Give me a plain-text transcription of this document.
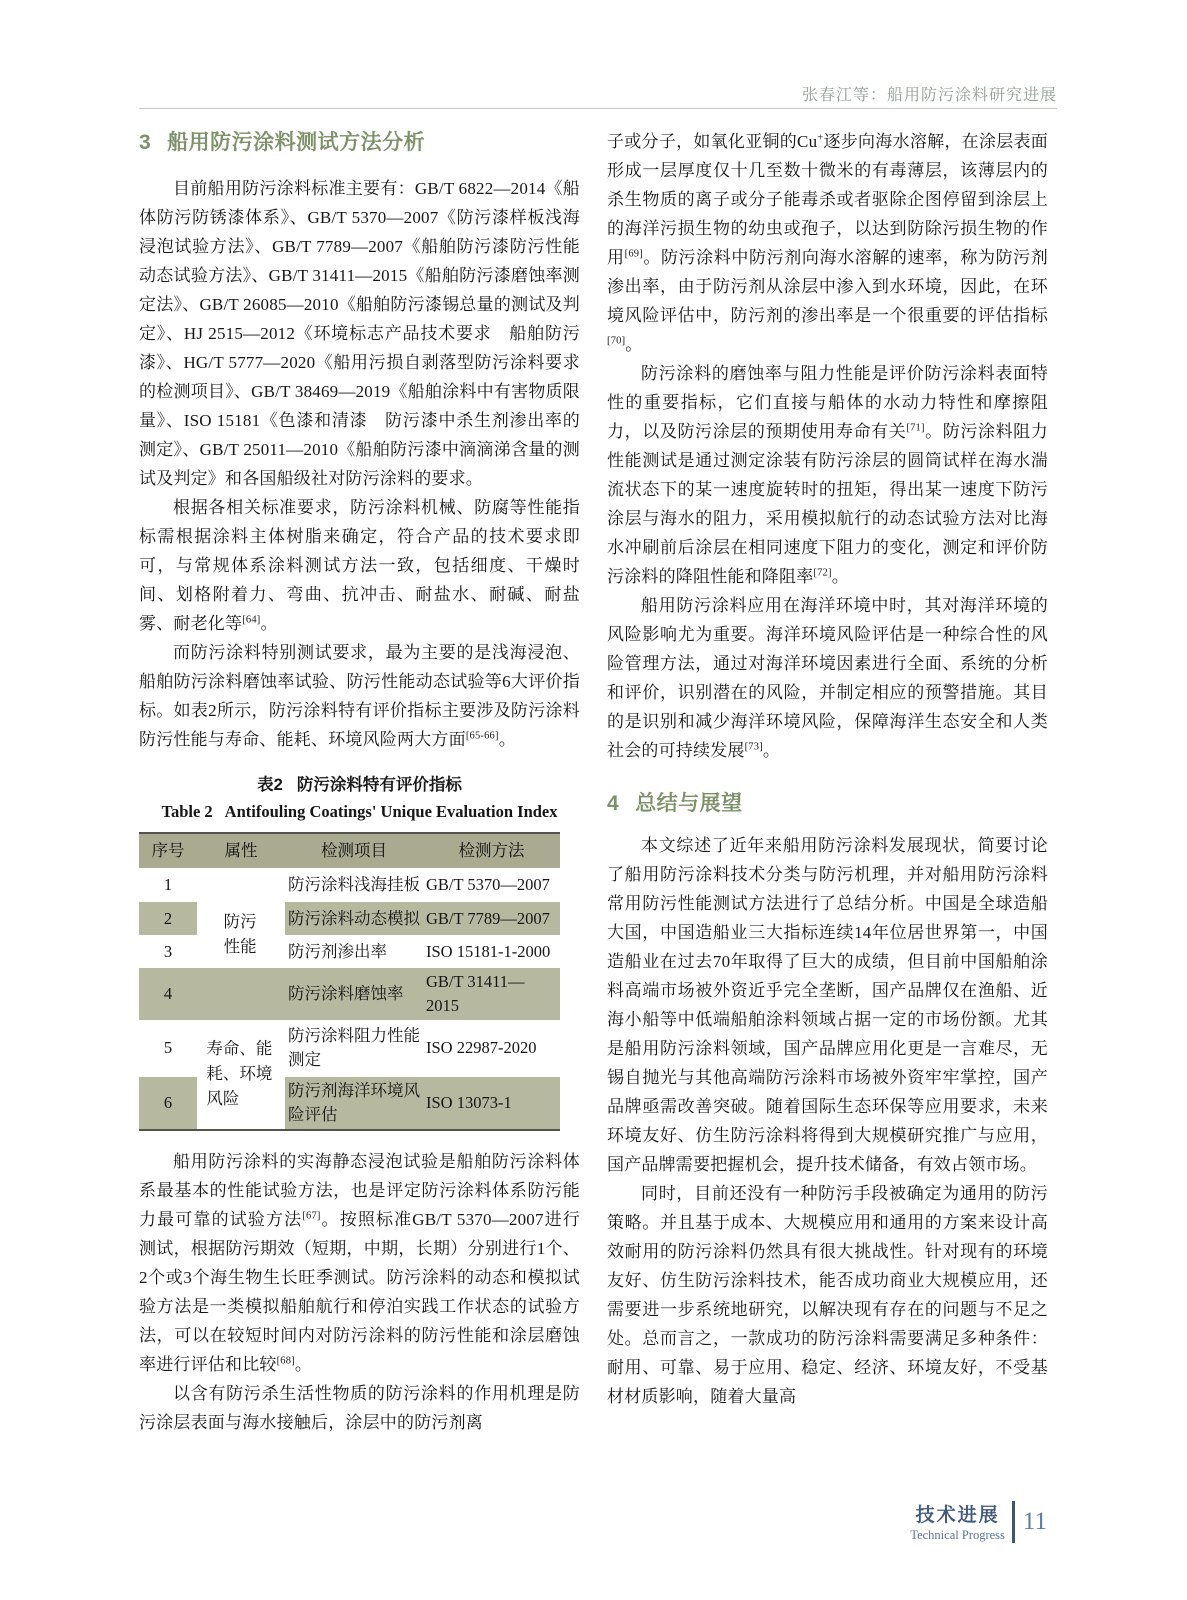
张春江等：船用防污涂料研究进展
3 船用防污涂料测试方法分析

目前船用防污涂料标准主要有：GB/T 6822—2014《船体防污防锈漆体系》、GB/T 5370—2007《防污漆样板浅海浸泡试验方法》、GB/T 7789—2007《船舶防污漆防污性能动态试验方法》、GB/T 31411—2015《船舶防污漆磨蚀率测定法》、GB/T 26085—2010《船舶防污漆锡总量的测试及判定》、HJ 2515—2012《环境标志产品技术要求　船舶防污漆》、HG/T 5777—2020《船用污损自剥落型防污涂料要求的检测项目》、GB/T 38469—2019《船舶涂料中有害物质限量》、ISO 15181《色漆和清漆　防污漆中杀生剂渗出率的测定》、GB/T 25011—2010《船舶防污漆中滴滴涕含量的测试及判定》和各国船级社对防污涂料的要求。

根据各相关标准要求，防污涂料机械、防腐等性能指标需根据涂料主体树脂来确定，符合产品的技术要求即可，与常规体系涂料测试方法一致，包括细度、干燥时间、划格附着力、弯曲、抗冲击、耐盐水、耐碱、耐盐雾、耐老化等[64]。

而防污涂料特别测试要求，最为主要的是浅海浸泡、船舶防污涂料磨蚀率试验、防污性能动态试验等6大评价指标。如表2所示，防污涂料特有评价指标主要涉及防污涂料防污性能与寿命、能耗、环境风险两大方面[65-66]。

表2 防污涂料特有评价指标
Table 2 Antifouling Coatings' Unique Evaluation Index
序号	属性	检测项目	检测方法
1		防污涂料浅海挂板	GB/T 5370—2007
2	防污性能	防污涂料动态模拟	GB/T 7789—2007
3		防污剂渗出率	ISO 15181-1-2000
4		防污涂料磨蚀率	GB/T 31411—2015
5	寿命、能耗、环境风险	防污涂料阻力性能测定	ISO 22987-2020
6		防污剂海洋环境风险评估	ISO 13073-1

船用防污涂料的实海静态浸泡试验是船舶防污涂料体系最基本的性能试验方法，也是评定防污涂料体系防污能力最可靠的试验方法[67]。按照标准GB/T 5370—2007进行测试，根据防污期效（短期，中期，长期）分别进行1个、2个或3个海生物生长旺季测试。防污涂料的动态和模拟试验方法是一类模拟船舶航行和停泊实践工作状态的试验方法，可以在较短时间内对防污涂料的防污性能和涂层磨蚀率进行评估和比较[68]。

以含有防污杀生活性物质的防污涂料的作用机理是防污涂层表面与海水接触后，涂层中的防污剂离

子或分子，如氧化亚铜的Cu+逐步向海水溶解，在涂层表面形成一层厚度仅十几至数十微米的有毒薄层，该薄层内的杀生物质的离子或分子能毒杀或者驱除企图停留到涂层上的海洋污损生物的幼虫或孢子，以达到防除污损生物的作用[69]。防污涂料中防污剂向海水溶解的速率，称为防污剂渗出率，由于防污剂从涂层中渗入到水环境，因此，在环境风险评估中，防污剂的渗出率是一个很重要的评估指标[70]。

防污涂料的磨蚀率与阻力性能是评价防污涂料表面特性的重要指标，它们直接与船体的水动力特性和摩擦阻力，以及防污涂层的预期使用寿命有关[71]。防污涂料阻力性能测试是通过测定涂装有防污涂层的圆筒试样在海水湍流状态下的某一速度旋转时的扭矩，得出某一速度下防污涂层与海水的阻力，采用模拟航行的动态试验方法对比海水冲刷前后涂层在相同速度下阻力的变化，测定和评价防污涂料的降阻性能和降阻率[72]。

船用防污涂料应用在海洋环境中时，其对海洋环境的风险影响尤为重要。海洋环境风险评估是一种综合性的风险管理方法，通过对海洋环境因素进行全面、系统的分析和评价，识别潜在的风险，并制定相应的预警措施。其目的是识别和减少海洋环境风险，保障海洋生态安全和人类社会的可持续发展[73]。

4 总结与展望

本文综述了近年来船用防污涂料发展现状，简要讨论了船用防污涂料技术分类与防污机理，并对船用防污涂料常用防污性能测试方法进行了总结分析。中国是全球造船大国，中国造船业三大指标连续14年位居世界第一，中国造船业在过去70年取得了巨大的成绩，但目前中国船舶涂料高端市场被外资近乎完全垄断，国产品牌仅在渔船、近海小船等中低端船舶涂料领域占据一定的市场份额。尤其是船用防污涂料领域，国产品牌应用化更是一言难尽，无锡自抛光与其他高端防污涂料市场被外资牢牢掌控，国产品牌亟需改善突破。随着国际生态环保等应用要求，未来环境友好、仿生防污涂料将得到大规模研究推广与应用，国产品牌需要把握机会，提升技术储备，有效占领市场。

同时，目前还没有一种防污手段被确定为通用的防污策略。并且基于成本、大规模应用和通用的方案来设计高效耐用的防污涂料仍然具有很大挑战性。针对现有的环境友好、仿生防污涂料技术，能否成功商业大规模应用，还需要进一步系统地研究，以解决现有存在的问题与不足之处。总而言之，一款成功的防污涂料需要满足多种条件：耐用、可靠、易于应用、稳定、经济、环境友好，不受基材材质影响，随着大量高

技术进展
Technical Progress
11
